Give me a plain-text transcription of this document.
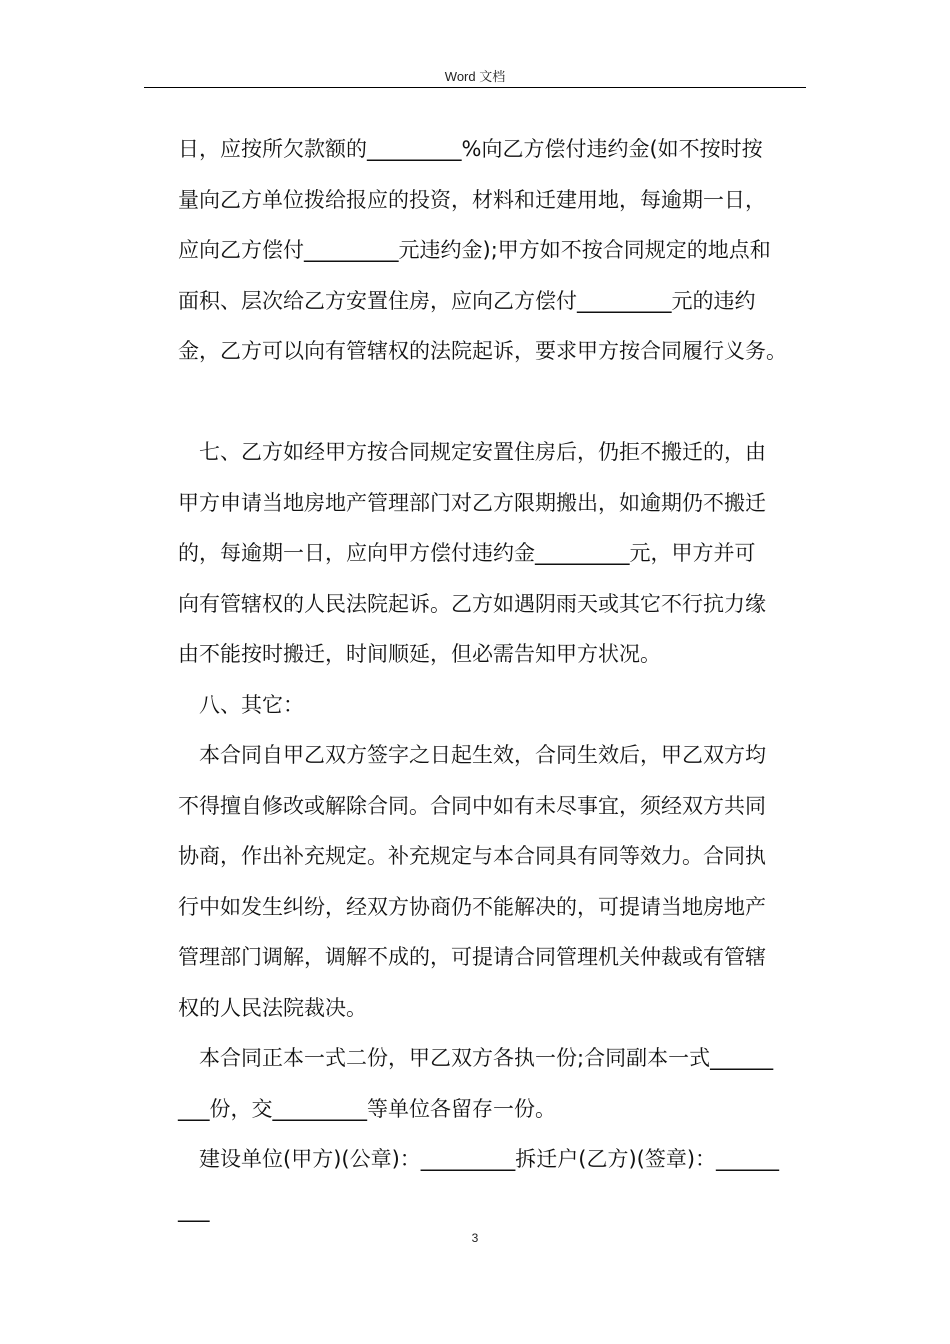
Word 文档

日，应按所欠款额的_________%向乙方偿付违约金(如不按时按

量向乙方单位拨给报应的投资，材料和迁建用地，每逾期一日，

应向乙方偿付_________元违约金);甲方如不按合同规定的地点和

面积、层次给乙方安置住房，应向乙方偿付_________元的违约

金，乙方可以向有管辖权的法院起诉，要求甲方按合同履行义务。

　七、乙方如经甲方按合同规定安置住房后，仍拒不搬迁的，由

甲方申请当地房地产管理部门对乙方限期搬出，如逾期仍不搬迁

的，每逾期一日，应向甲方偿付违约金_________元，甲方并可

向有管辖权的人民法院起诉。乙方如遇阴雨天或其它不行抗力缘

由不能按时搬迁，时间顺延，但必需告知甲方状况。

　八、其它：

　本合同自甲乙双方签字之日起生效，合同生效后，甲乙双方均

不得擅自修改或解除合同。合同中如有未尽事宜，须经双方共同

协商，作出补充规定。补充规定与本合同具有同等效力。合同执

行中如发生纠纷，经双方协商仍不能解决的，可提请当地房地产

管理部门调解，调解不成的，可提请合同管理机关仲裁或有管辖

权的人民法院裁决。

　本合同正本一式二份，甲乙双方各执一份;合同副本一式______

___份，交_________等单位各留存一份。

　建设单位(甲方)(公章)：_________拆迁户(乙方)(签章)：______

___

3
